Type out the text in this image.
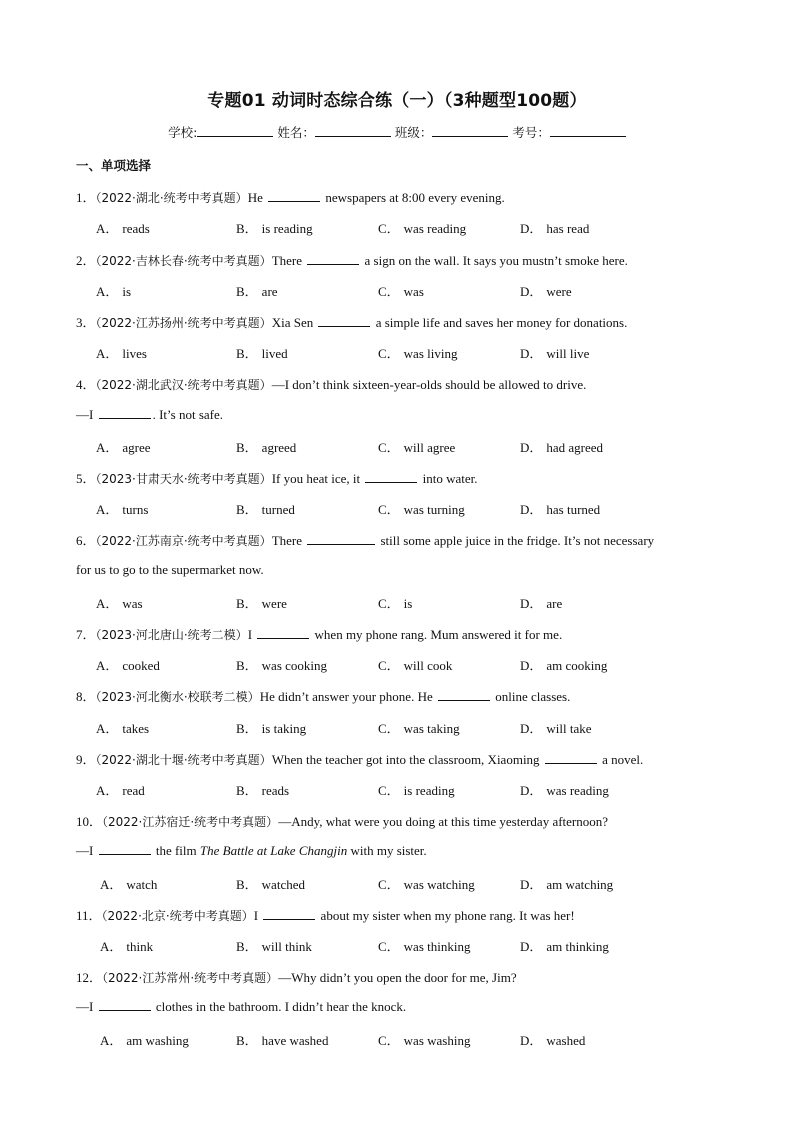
专题01 动词时态综合练（一）（3种题型100题）
学校:	姓名：	班级：	考号：
一、单项选择
1．（2022·湖北·统考中考真题）He	newspapers at 8:00 every evening.
A． reads	B． is reading	C． was reading	D． has read
2．（2022·吉林长春·统考中考真题）There	a sign on the wall. It says you mustn’t smoke here.
A． is	B． are	C． was	D． were
3．（2022·江苏扬州·统考中考真题）Xia Sen	a simple life and saves her money for donations.
A． lives	B． lived	C． was living	D． will live
4．（2022·湖北武汉·统考中考真题）—I don’t think sixteen-year-olds should be allowed to drive.
—I	. It’s not safe.
A． agree	B． agreed	C． will agree	D． had agreed
5．（2023·甘肃天水·统考中考真题）If you heat ice, it	into water.
A． turns	B． turned	C． was turning	D． has turned
6．（2022·江苏南京·统考中考真题）There	still some apple juice in the fridge. It’s not necessary
for us to go to the supermarket now.
A． was	B． were	C． is	D． are
7．（2023·河北唐山·统考二模）I	when my phone rang. Mum answered it for me.
A． cooked	B． was cooking	C． will cook	D． am cooking
8．（2023·河北衡水·校联考二模）He didn’t answer your phone. He	online classes.
A． takes	B． is taking	C． was taking	D． will take
9．（2022·湖北十堰·统考中考真题）When the teacher got into the classroom, Xiaoming	a novel.
A． read	B． reads	C． is reading	D． was reading
10．（2022·江苏宿迁·统考中考真题）—Andy, what were you doing at this time yesterday afternoon?
—I	the film The Battle at Lake Changjin with my sister.
A． watch	B． watched	C． was watching	D． am watching
11．（2022·北京·统考中考真题）I	about my sister when my phone rang. It was her!
A． think	B． will think	C． was thinking	D． am thinking
12．（2022·江苏常州·统考中考真题）—Why didn’t you open the door for me, Jim?
—I	clothes in the bathroom. I didn’t hear the knock.
A． am washing	B． have washed	C． was washing	D． washed
